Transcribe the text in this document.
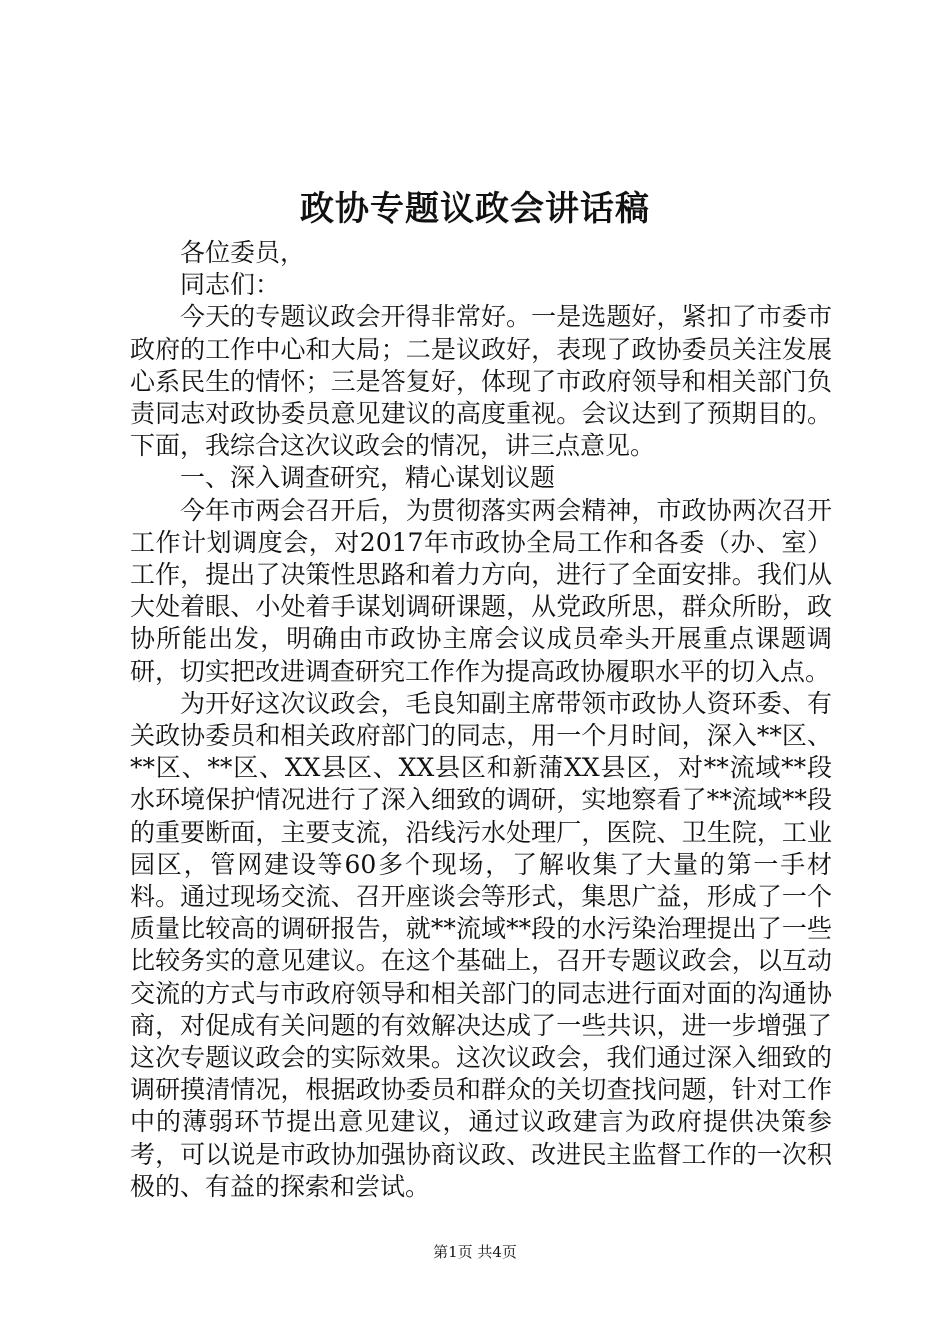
政协专题议政会讲话稿

各位委员，

同志们：

今天的专题议政会开得非常好。一是选题好，紧扣了市委市政府的工作中心和大局；二是议政好，表现了政协委员关注发展心系民生的情怀；三是答复好，体现了市政府领导和相关部门负责同志对政协委员意见建议的高度重视。会议达到了预期目的。下面，我综合这次议政会的情况，讲三点意见。

一、深入调查研究，精心谋划议题

今年市两会召开后，为贯彻落实两会精神，市政协两次召开工作计划调度会，对2017年市政协全局工作和各委（办、室）工作，提出了决策性思路和着力方向，进行了全面安排。我们从大处着眼、小处着手谋划调研课题，从党政所思，群众所盼，政协所能出发，明确由市政协主席会议成员牵头开展重点课题调研，切实把改进调查研究工作作为提高政协履职水平的切入点。

为开好这次议政会，毛良知副主席带领市政协人资环委、有关政协委员和相关政府部门的同志，用一个月时间，深入**区、**区、**区、XX县区、XX县区和新蒲XX县区，对**流域**段水环境保护情况进行了深入细致的调研，实地察看了**流域**段的重要断面，主要支流，沿线污水处理厂，医院、卫生院，工业园区，管网建设等60多个现场，了解收集了大量的第一手材料。通过现场交流、召开座谈会等形式，集思广益，形成了一个质量比较高的调研报告，就**流域**段的水污染治理提出了一些比较务实的意见建议。在这个基础上，召开专题议政会，以互动交流的方式与市政府领导和相关部门的同志进行面对面的沟通协商，对促成有关问题的有效解决达成了一些共识，进一步增强了这次专题议政会的实际效果。这次议政会，我们通过深入细致的调研摸清情况，根据政协委员和群众的关切查找问题，针对工作中的薄弱环节提出意见建议，通过议政建言为政府提供决策参考，可以说是市政协加强协商议政、改进民主监督工作的一次积极的、有益的探索和尝试。

第1页 共4页
